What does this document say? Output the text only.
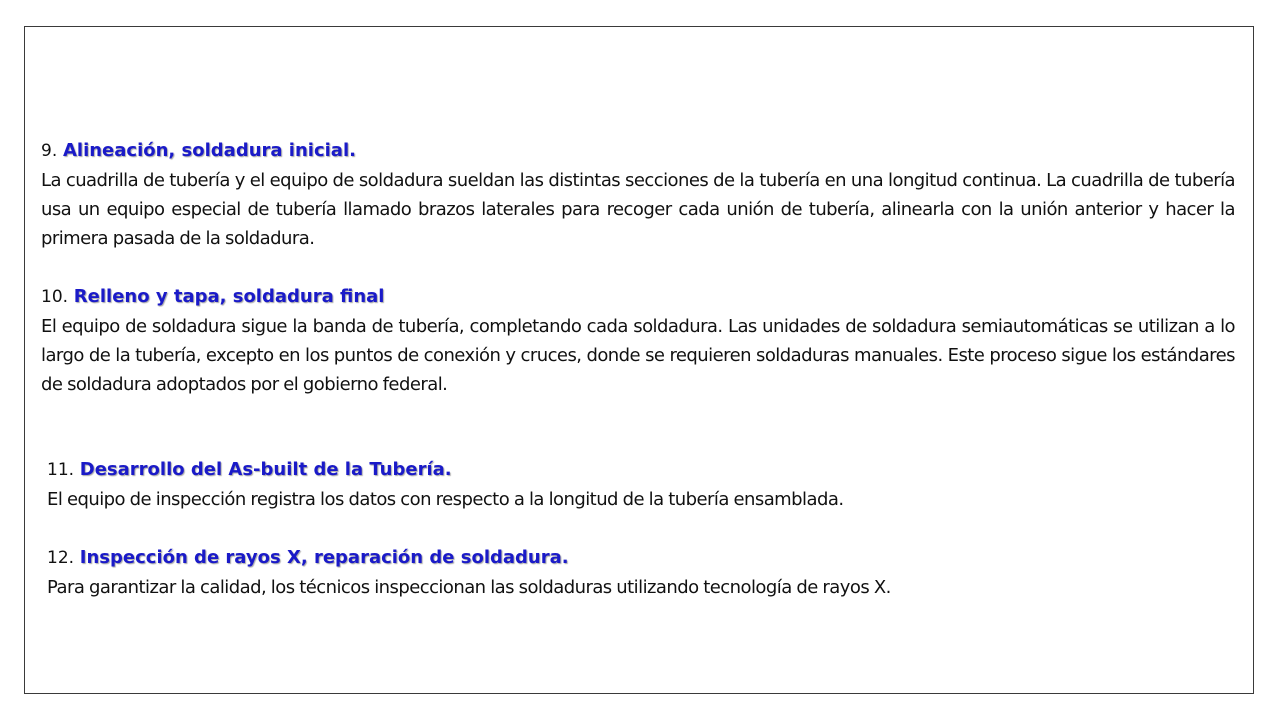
9. Alineación, soldadura inicial.

La cuadrilla de tubería y el equipo de soldadura sueldan las distintas secciones de la tubería en una longitud continua. La cuadrilla de tubería usa un equipo especial de tubería llamado brazos laterales para recoger cada unión de tubería, alinearla con la unión anterior y hacer la primera pasada de la soldadura.

10. Relleno y tapa, soldadura final

El equipo de soldadura sigue la banda de tubería, completando cada soldadura. Las unidades de soldadura semiautomáticas se utilizan a lo largo de la tubería, excepto en los puntos de conexión y cruces, donde se requieren soldaduras manuales. Este proceso sigue los estándares de soldadura adoptados por el gobierno federal.

11. Desarrollo del As-built de la Tubería.

El equipo de inspección registra los datos con respecto a la longitud de la tubería ensamblada.

12. Inspección de rayos X, reparación de soldadura.

Para garantizar la calidad, los técnicos inspeccionan las soldaduras utilizando tecnología de rayos X.
